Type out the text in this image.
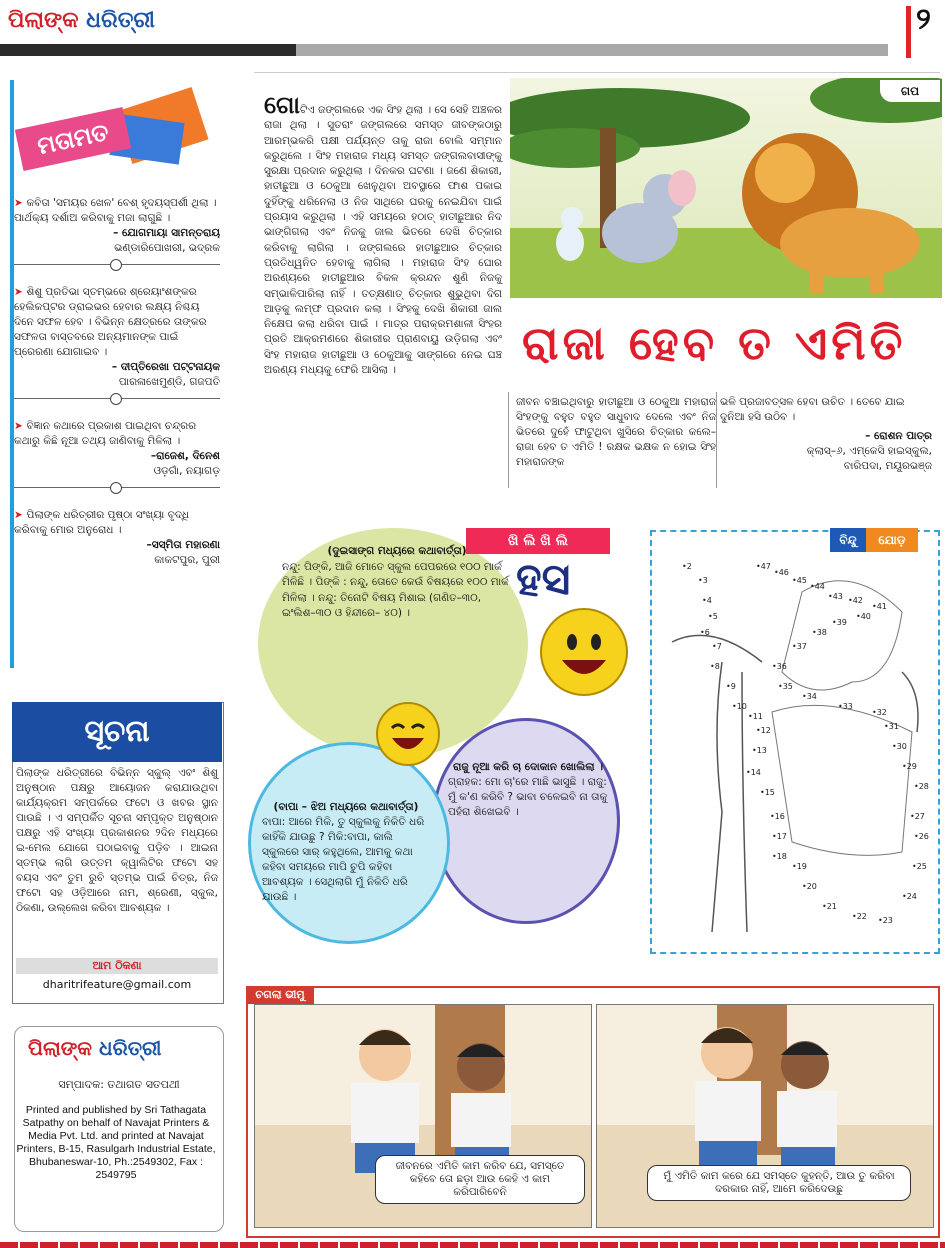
ପିଲାଙ୍କ ଧରିତ୍ରୀ	୨
ମତାମତ
➤ କବିତା 'ସମୟର ଖେଳ' ବେଶ୍ ହୃଦୟସ୍ପର୍ଶୀ ଥିଲା । ପାର୍ଥକ୍ୟ ଦର୍ଶାଅ କରିବାକୁ ମଜା ଲାଗୁଛି ।
– ଯୋଗମାୟା ସାମନ୍ତରାୟ
ଭଣ୍ଡାରିପୋଖରୀ, ଭଦ୍ରକ
➤ ଶିଶୁ ପ୍ରତିଭା ସ୍ତମ୍ଭରେ ଶ୍ରେୟାଂଶଙ୍କର ହେଲିକପ୍ଟର ଡ୍ରାଇଭର ହେବାର ଲକ୍ଷ୍ୟ ନିଶ୍ଚୟ ଦିନେ ସଫଳ ହେବ । ବିଭିନ୍ନ କ୍ଷେତ୍ରରେ ତାଙ୍କର ସଫଳତା ବାସ୍ତବରେ ଅନ୍ୟମାନଙ୍କ ପାଇଁ ପ୍ରେରଣା ଯୋଗାଇବ ।
– ଦୀପ୍ତିରେଖା ପଟ୍ଟନାୟକ
ପାରଳାଖେମୁଣ୍ଡି, ଗଜପତି
➤ ବିଜ୍ଞାନ କଥାରେ ପ୍ରକାଶ ପାଇଥିବା ଚନ୍ଦ୍ରର କଥାରୁ କିଛି ନୂଆ ତଥ୍ୟ ଜାଣିବାକୁ ମିଳିଲା ।
–ରାଜେଶ, ଦିନେଶ
ଓଡ଼ଗାଁ, ନୟାଗଡ଼
➤ ପିଲାଙ୍କ ଧରିତ୍ରୀର ପୃଷ୍ଠା ସଂଖ୍ୟା ବୃଦ୍ଧି କରିବାକୁ ମୋର ଅନୁରୋଧ ।
–ସସ୍ମିତା ମହାରଣା
କାକଟପୁର, ପୁରୀ
ସୂଚନା
ପିଲାଙ୍କ ଧରିତ୍ରୀରେ ବିଭିନ୍ନ ସ୍କୁଲ୍ ଏବଂ ଶିଶୁ ଅନୁଷ୍ଠାନ ପକ୍ଷରୁ ଆୟୋଜନ କରାଯାଉଥିବା କାର୍ଯ୍ୟକ୍ରମ ସମ୍ପର୍କରେ ଫଟୋ ଓ ଖବର ସ୍ଥାନ ପାଉଛି । ଏ ସମ୍ପର୍କିତ ସୂଚନା ସମ୍ପୃକ୍ତ ଅନୁଷ୍ଠାନ ପକ୍ଷରୁ ଏହି ସଂଖ୍ୟା ପ୍ରକାଶନର ୨ଦିନ ମଧ୍ୟରେ ଇ-ମେଲ ଯୋଗେ ପଠାଇବାକୁ ପଡ଼ିବ । ଆଇନା ସ୍ତମ୍ଭ ଲାଗି ଉତ୍ତମ କ୍ୱାଲିଟିର ଫଟୋ ସହ ବୟସ ଏବଂ ତୁମ ରୁଚି ସ୍ତମ୍ଭ ପାଇଁ ଚିତ୍ର, ନିଜ ଫଟୋ ସହ ଓଡ଼ିଆରେ ନାମ, ଶ୍ରେଣୀ, ସ୍କୁଲ, ଠିକଣା, ଉଲ୍ଲେଖ କରିବା ଆବଶ୍ୟକ ।
ଆମ ଠିକଣା
dharitrifeature@gmail.com
ପିଲାଙ୍କ ଧରିତ୍ରୀ
ସମ୍ପାଦକ: ତଥାଗତ ସତପଥୀ
Printed and published by Sri Tathagata Satpathy on behalf of Navajat Printers & Media Pvt. Ltd. and printed at Navajat Printers, B-15, Rasulgarh Industrial Estate, Bhubaneswar-10, Ph.:2549302, Fax : 2549795
ଗପ
ଗୋଟିଏ ଜଙ୍ଗଲରେ ଏକ ସିଂହ ଥିଲା । ସେ ସେହି ଅଞ୍ଚଳର ରାଜା ଥିଲା । ସୁତରାଂ ଜଙ୍ଗଲରେ ସମସ୍ତ ଜୀବଙ୍କଠାରୁ ଆରମ୍ଭକରି ପକ୍ଷୀ ପର୍ଯ୍ୟନ୍ତ ତାକୁ ରାଜା ବୋଲି ସମ୍ମାନ କରୁଥିଲେ । ସିଂହ ମହାରାଜ ମଧ୍ୟ ସମସ୍ତ ଜଙ୍ଗଲବାସୀଙ୍କୁ ସୁରକ୍ଷା ପ୍ରଦାନ କରୁଥିଲା । ଦିନକର ଘଟଣା । ଜଣେ ଶିକାରୀ, ହାତୀଛୁଆ ଓ ଠେକୁଆ ଖେଳୁଥିବା ଅବସ୍ଥାରେ ଫାଶ ପକାଇ ଦୁହିଁଙ୍କୁ ଧରିନେଲା ଓ ନିଜ ସାଥିରେ ଘରକୁ ନେଇଯିବା ପାଇଁ ପ୍ରୟାସ କରୁଥିଲା । ଏହି ସମୟରେ ହଠାତ୍ ହାତୀଛୁଆର ନିଦ ଭାଙ୍ଗିଗଲା ଏବଂ ନିଜକୁ ଜାଲ ଭିତରେ ଦେଖି ଚିତ୍କାର କରିବାକୁ ଲାଗିଲା । ଜଙ୍ଗଲରେ ହାତୀଛୁଆର ଚିତ୍କାର ପ୍ରତିଧ୍ୱନିତ ହେବାକୁ ଲାଗିଲା । ମହାରାଜ ସିଂହ ଘୋର ଅରଣ୍ୟରେ ହାତୀଛୁଆର ବିକଳ କ୍ରନ୍ଦନ ଶୁଣି ନିଜକୁ ସମ୍ଭାଳିପାରିଲା ନାହିଁ । ତତ୍‌କ୍ଷଣାତ୍ ଚିତ୍କାର ଶୁଭୁଥିବା ଦିଗ ଆଡ଼କୁ ଲମ୍ଫ ପ୍ରଦାନ କଲା । ସିଂହକୁ ଦେଖି ଶିକାରୀ ଜାଲ ନିକ୍ଷେପ କଲା ଧରିବା ପାଇଁ । ମାତ୍ର ପରାକ୍ରମଶାଳୀ ସିଂହର ପ୍ରତି ଆକ୍ରମଣରେ ଶିକାରୀର ପ୍ରାଣବାୟୁ ଉଡ଼ିଗଲା ଏବଂ ସିଂହ ମହାରାଜ ହାତୀଛୁଆ ଓ ଠେକୁଆକୁ ସାଙ୍ଗରେ ନେଇ ଘଞ୍ଚ ଅରଣ୍ୟ ମଧ୍ୟକୁ ଫେରି ଆସିଲା ।
ରାଜା ହେବ ତ ଏମିତି
ଜୀବନ ବଞ୍ଚାଇଥିବାରୁ ହାତୀଛୁଆ ଓ ଠେକୁଆ ମହାରାଜ ସିଂହଙ୍କୁ ବହୁତ ବହୁତ ସାଧୁବାଦ ଦେଲେ ଏବଂ ନିଜ ଭିତରେ ଦୁହେଁ ଫାଟୁଥିବା ଖୁସିରେ ଚିତ୍କାର କଲେ– ରାଜା ହେବ ତ ଏମିତି ! ରକ୍ଷକ ଭକ୍ଷକ ନ ହୋଇ ସିଂହ ମହାରାଜଙ୍କ
ଭଳି ପ୍ରଜାବତ୍ସଳ ହେବା ଉଚିତ । ତେବେ ଯାଇ ଦୁନିଆ ହସି ଉଠିବ ।
– ରୋଶନ ପାତ୍ର
କ୍ଲାସ୍–୬, ଏମ୍‌କେସି ହାଇସ୍କୁଲ,
ବାରିପଦା, ମୟୂରଭଞ୍ଜ
ଖି ଲି ଖି ଲି
ହସ
(ଦୁଇସାଙ୍ଗ ମଧ୍ୟରେ କଥାବାର୍ତ୍ତା)
ନନ୍ଦୁ: ପିଙ୍କି, ଆଜି ମୋତେ ସ୍କୁଲ ପେପରରେ ୧୦୦ ମାର୍କ ମିଳିଛି । ପିଙ୍କି : ନନ୍ଦୁ, ତୋତେ କେଉଁ ବିଷୟରେ ୧୦୦ ମାର୍କ ମିଳିଲା । ନନ୍ଦୁ: ତିନୋଟି ବିଷୟ ମିଶାଇ (ଗଣିତ–୩୦, ଇଂଲିଶ–୩୦ ଓ ହିନ୍ଦୀରେ– ୪୦) ।
(ବାପା – ଝିଅ ମଧ୍ୟରେ କଥାବାର୍ତ୍ତା)
ବାପା: ଆରେ ମିକି, ତୁ ସ୍କୁଲକୁ ନିକିତି ଧରି କାହିଁକି ଯାଉଛୁ ? ମିକି:ବାପା, କାଲି ସ୍କୁଲରେ ସାର୍ କହୁଥିଲେ, ଆମକୁ କଥା କହିବା ସମୟରେ ମାପି ଚୁପି କହିବା ଆବଶ୍ୟକ । ସେଥିଲାଗି ମୁଁ ନିକିତି ଧରି ଯାଉଛି ।
ରାଜୁ ନୂଆ କରି ଚା ଦୋକାନ ଖୋଲିଲା ।
ଗ୍ରାହକ: ମୋ ଚା'ରେ ମାଛି ଭାସୁଛି । ରାଜୁ: ମୁଁ କ'ଣ କରିବି ? ଭାବା ଚଳେଇବି ନା ତାକୁ ପହଁରା ଶିଖେଇବି ।
•2
•3
•4
•5
•6
•7
•8
•9
•10
•11
•12
•13
•14
•15
•16
•17
•18
•19
•20
•21
•22 •23
•24
•25
•26
•27
•28
•29
•30
•31
•32
•33
•34
•35
•36
•37
•38
•39
•40
•41
•42
•43
•44
•45
•46
•47
ବିନ୍ଦୁ	ଯୋଡ଼
ଚଗଲା ଭୀମୁ
ଜୀବନରେ ଏମିତି କାମ କରିବ ଯେ, ସମସ୍ତେ କହିବେ ତୋ ଛଡ଼ା ଆଉ କେହି ଏ କାମ କରିପାରିବେନି
ମୁଁ ଏମିତି କାମ କରେ ଯେ ସମସ୍ତେ କୁହନ୍ତି, ଆଉ ତୁ କରିବା ଦରକାର ନାହିଁ, ଆମେ କରିଦେଉଛୁ
